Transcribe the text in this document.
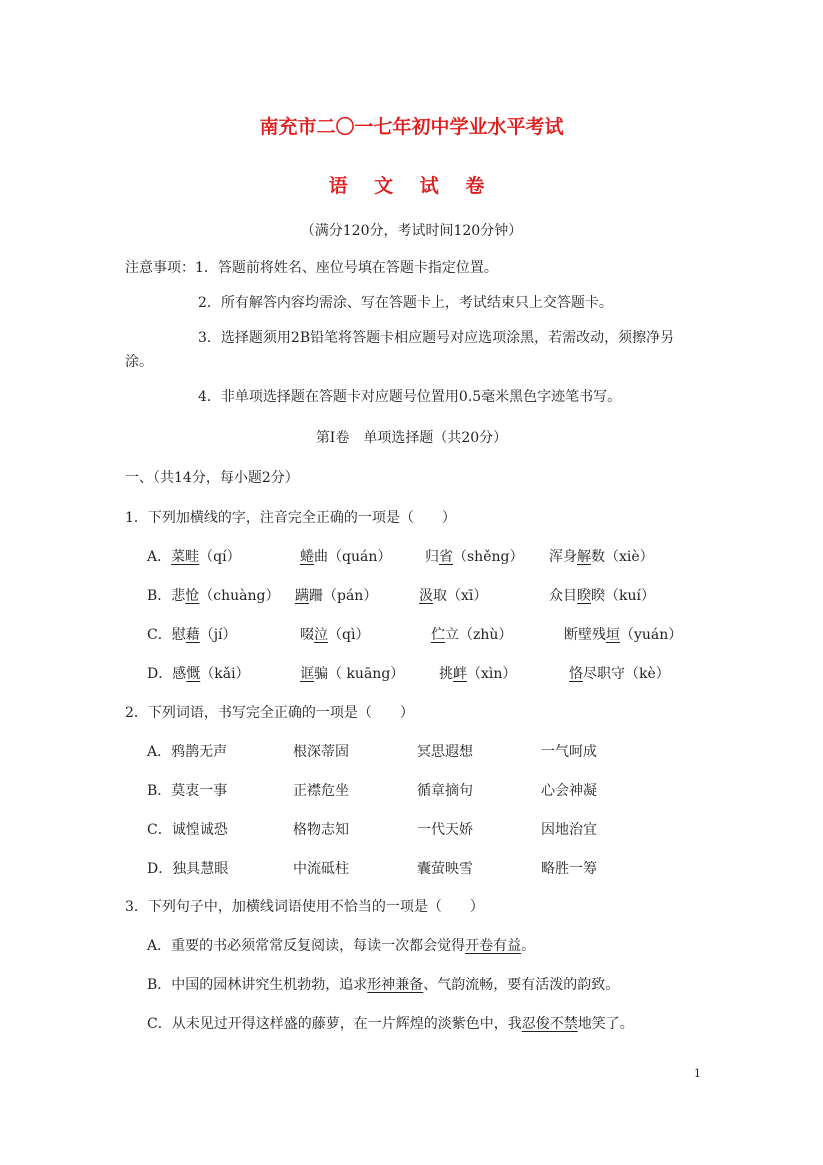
南充市二〇一七年初中学业水平考试
语 文 试 卷
（满分120分，考试时间120分钟）
注意事项：1．答题前将姓名、座位号填在答题卡指定位置。
2．所有解答内容均需涂、写在答题卡上，考试结束只上交答题卡。
3．选择题须用2B铅笔将答题卡相应题号对应选项涂黑，若需改动，须擦净另
涂。
4．非单项选择题在答题卡对应题号位置用0.5毫米黑色字迹笔书写。
第Ⅰ卷　单项选择题（共20分）
一、（共14分，每小题2分）
1．下列加横线的字，注音完全正确的一项是（　　）
A．菜畦（qí）	蜷曲（quán） 归省（shěng） 浑身解数（xiè）
B．悲怆（chuàng） 蹒跚（pán）	汲取（xī）	众目睽睽（kuí）
C．慰藉（jí）	啜泣（qì）	伫立（zhù）	断壁残垣（yuán）
D．感慨（kǎi）	诓骗（ kuāng） 挑衅（xìn）	恪尽职守（kè）
2．下列词语，书写完全正确的一项是（　　）
A．鸦鹊无声	根深蒂固	冥思遐想	一气呵成
B．莫衷一事	正襟危坐	循章摘句	心会神凝
C．诚惶诚恐	格物志知	一代天娇	因地治宜
D．独具慧眼	中流砥柱	囊萤映雪	略胜一筹
3．下列句子中，加横线词语使用不恰当的一项是（　　）
A．重要的书必须常常反复阅读，每读一次都会觉得开卷有益。
B．中国的园林讲究生机勃勃，追求形神兼备、气韵流畅，要有活泼的韵致。
C．从未见过开得这样盛的藤萝，在一片辉煌的淡紫色中，我忍俊不禁地笑了。
1
